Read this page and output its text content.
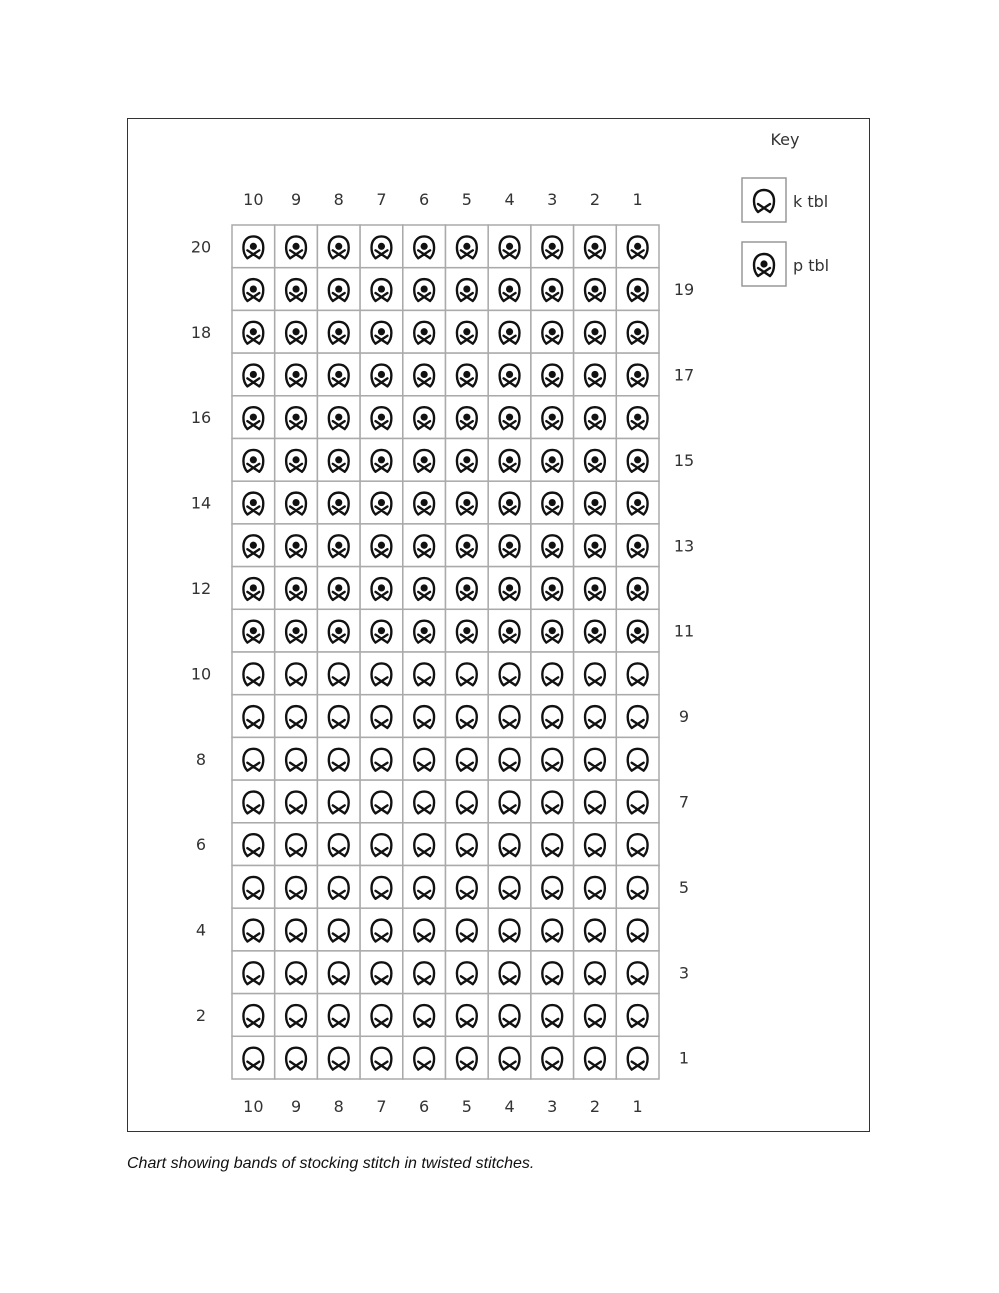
Key
k tbl
p tbl
10 9 8 7 6 5 4 3 2 1
10 9 8 7 6 5 4 3 2 1
20
18
16
14
12
10
8
6
4
2
19
17
15
13
11
9
7
5
3
1
Chart showing bands of stocking stitch in twisted stitches.
